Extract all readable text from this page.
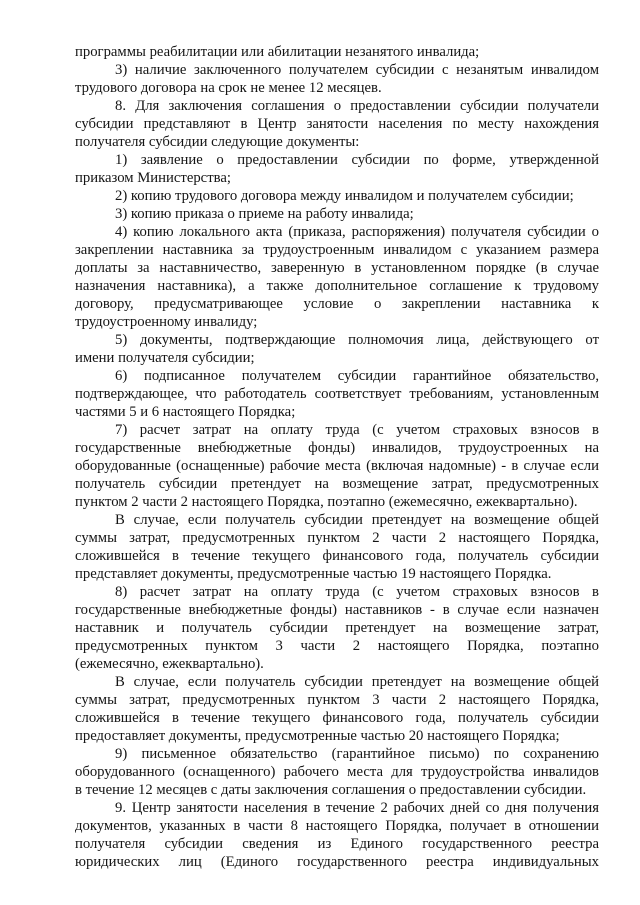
программы реабилитации или абилитации незанятого инвалида;
3) наличие заключенного получателем субсидии с незанятым инвалидом
трудового договора на срок не менее 12 месяцев.
8. Для заключения соглашения о предоставлении субсидии получатели
субсидии представляют в Центр занятости населения по месту нахождения
получателя субсидии следующие документы:
1) заявление о предоставлении субсидии по форме, утвержденной
приказом Министерства;
2) копию трудового договора между инвалидом и получателем субсидии;
3) копию приказа о приеме на работу инвалида;
4) копию локального акта (приказа, распоряжения) получателя субсидии о
закреплении наставника за трудоустроенным инвалидом с указанием размера
доплаты за наставничество, заверенную в установленном порядке (в случае
назначения наставника), а также дополнительное соглашение к трудовому
договору, предусматривающее условие о закреплении наставника к
трудоустроенному инвалиду;
5) документы, подтверждающие полномочия лица, действующего от
имени получателя субсидии;
6) подписанное получателем субсидии гарантийное обязательство,
подтверждающее, что работодатель соответствует требованиям, установленным
частями 5 и 6 настоящего Порядка;
7) расчет затрат на оплату труда (с учетом страховых взносов в
государственные внебюджетные фонды) инвалидов, трудоустроенных на
оборудованные (оснащенные) рабочие места (включая надомные) - в случае если
получатель субсидии претендует на возмещение затрат, предусмотренных
пунктом 2 части 2 настоящего Порядка, поэтапно (ежемесячно, ежеквартально).
В случае, если получатель субсидии претендует на возмещение общей
суммы затрат, предусмотренных пунктом 2 части 2 настоящего Порядка,
сложившейся в течение текущего финансового года, получатель субсидии
представляет документы, предусмотренные частью 19 настоящего Порядка.
8) расчет затрат на оплату труда (с учетом страховых взносов в
государственные внебюджетные фонды) наставников - в случае если назначен
наставник и получатель субсидии претендует на возмещение затрат,
предусмотренных пунктом 3 части 2 настоящего Порядка, поэтапно
(ежемесячно, ежеквартально).
В случае, если получатель субсидии претендует на возмещение общей
суммы затрат, предусмотренных пунктом 3 части 2 настоящего Порядка,
сложившейся в течение текущего финансового года, получатель субсидии
предоставляет документы, предусмотренные частью 20 настоящего Порядка;
9) письменное обязательство (гарантийное письмо) по сохранению
оборудованного (оснащенного) рабочего места для трудоустройства инвалидов
в течение 12 месяцев с даты заключения соглашения о предоставлении субсидии.
9. Центр занятости населения в течение 2 рабочих дней со дня получения
документов, указанных в части 8 настоящего Порядка, получает в отношении
получателя субсидии сведения из Единого государственного реестра
юридических лиц (Единого государственного реестра индивидуальных
